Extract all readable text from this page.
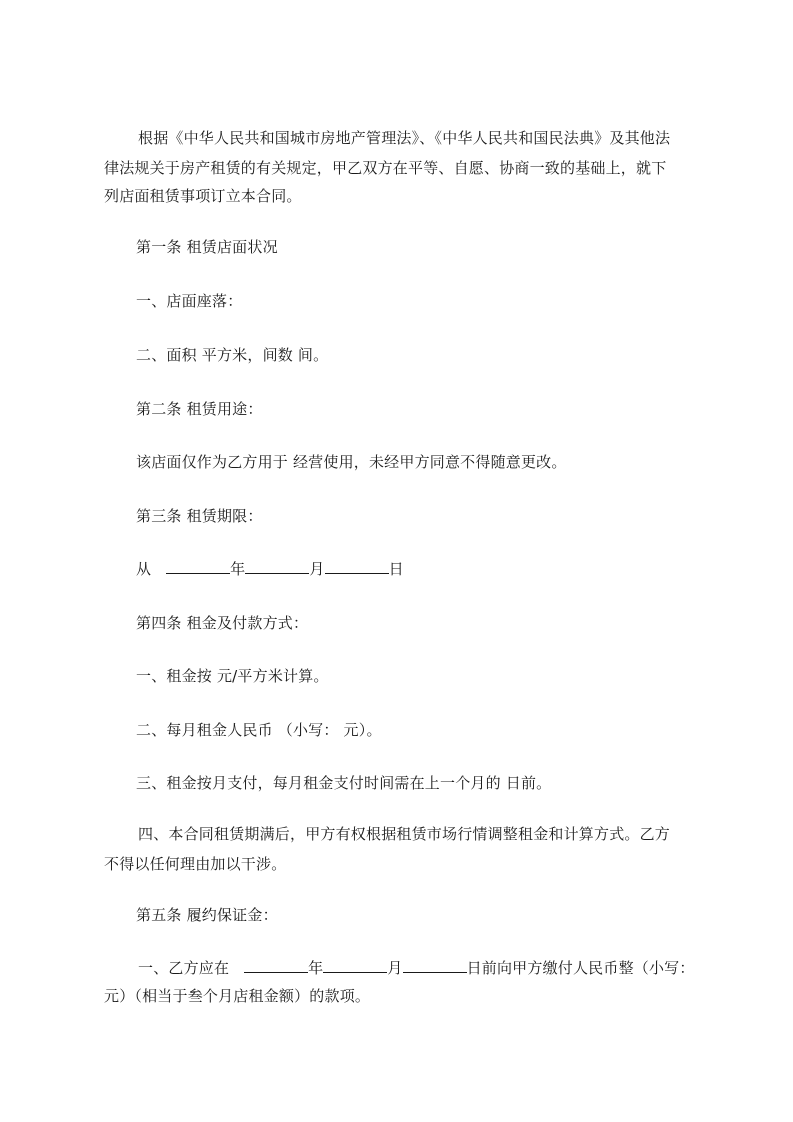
根据《中华人民共和国城市房地产管理法》、《中华人民共和国民法典》及其他法
律法规关于房产租赁的有关规定，甲乙双方在平等、自愿、协商一致的基础上，就下
列店面租赁事项订立本合同。
第一条 租赁店面状况
一、店面座落：
二、面积 平方米，间数 间。
第二条 租赁用途：
该店面仅作为乙方用于 经营使用，未经甲方同意不得随意更改。
第三条 租赁期限：
从	年	月	日
第四条 租金及付款方式：
一、租金按 元/平方米计算。
二、每月租金人民币 （小写： 元）。
三、租金按月支付，每月租金支付时间需在上一个月的 日前。
四、本合同租赁期满后，甲方有权根据租赁市场行情调整租金和计算方式。乙方
不得以任何理由加以干涉。
第五条 履约保证金：
一、乙方应在	年	月	日前向甲方缴付人民币整（小写：
元）（相当于叁个月店租金额）的款项。
